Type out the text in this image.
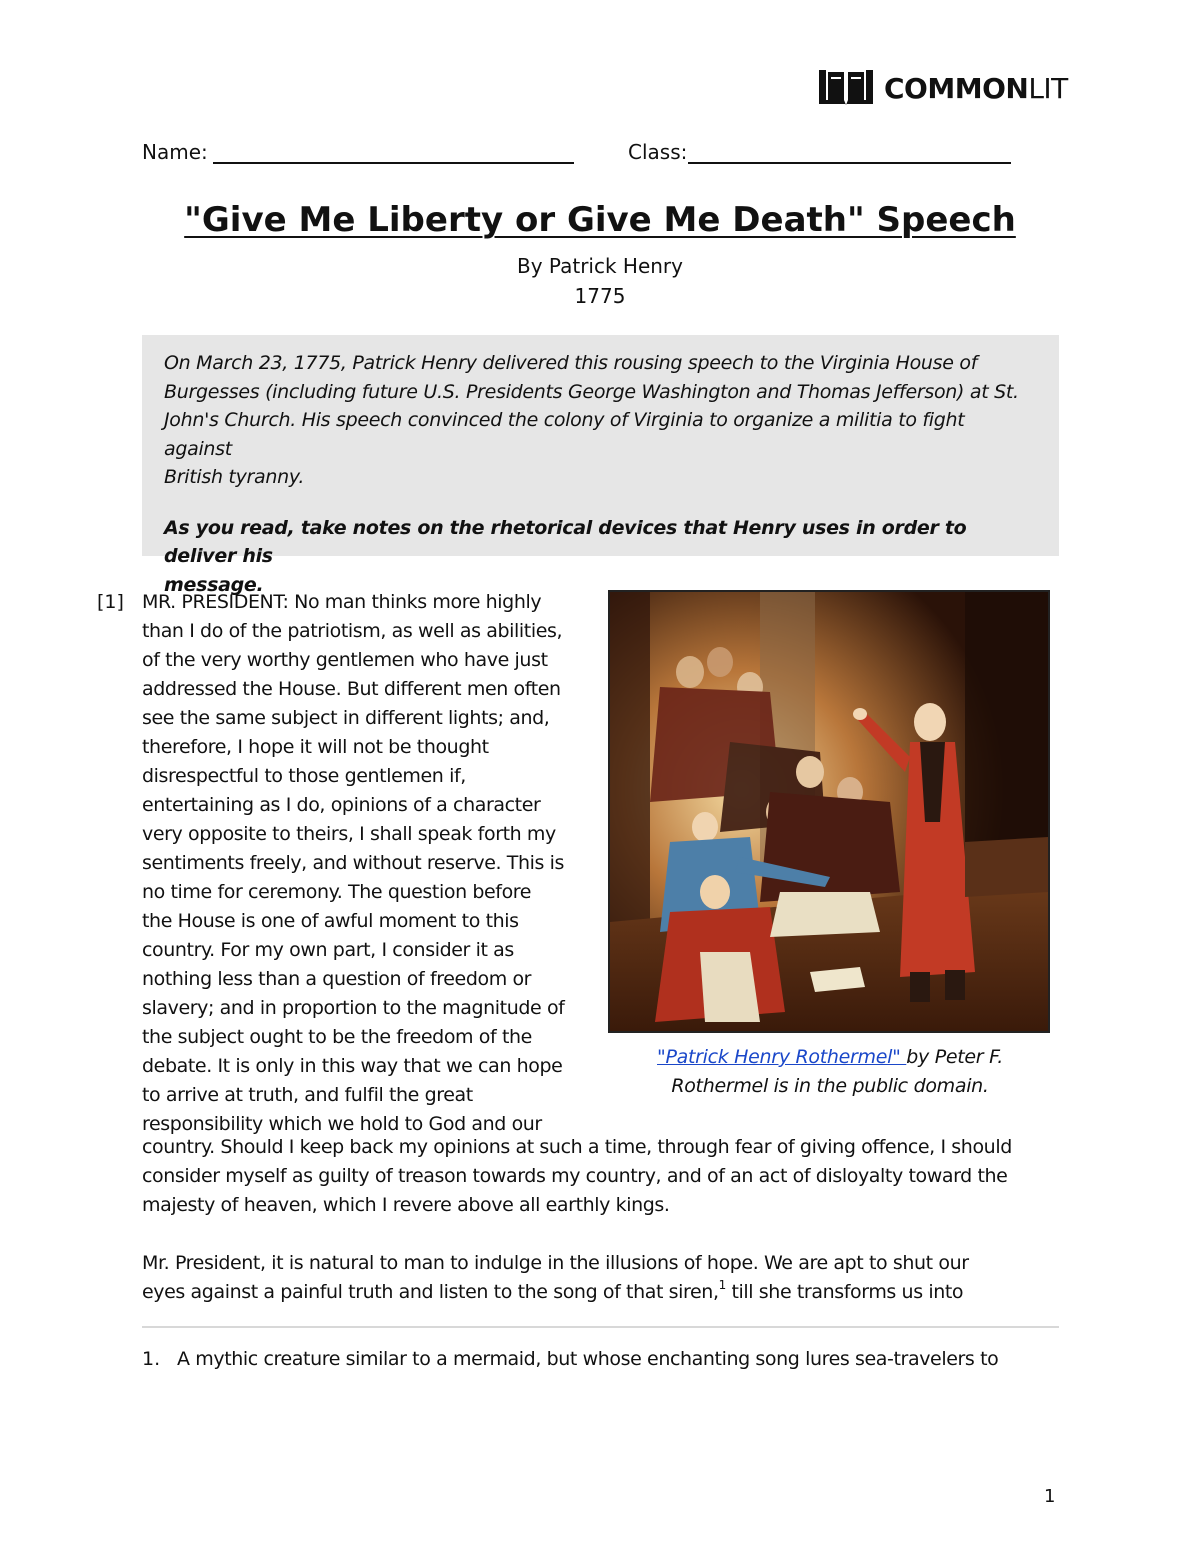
COMMONLIT
Name:	Class:
"Give Me Liberty or Give Me Death" Speech
By Patrick Henry
1775

On March 23, 1775, Patrick Henry delivered this rousing speech to the Virginia House of
Burgesses (including future U.S. Presidents George Washington and Thomas Jefferson) at St.
John's Church. His speech convinced the colony of Virginia to organize a militia to fight against
British tyranny.

As you read, take notes on the rhetorical devices that Henry uses in order to deliver his
message.

[1] MR. PRESIDENT: No man thinks more highly
than I do of the patriotism, as well as abilities,
of the very worthy gentlemen who have just
addressed the House. But different men often
see the same subject in different lights; and,
therefore, I hope it will not be thought
disrespectful to those gentlemen if,
entertaining as I do, opinions of a character
very opposite to theirs, I shall speak forth my
sentiments freely, and without reserve. This is
no time for ceremony. The question before
the House is one of awful moment to this
country. For my own part, I consider it as
nothing less than a question of freedom or
slavery; and in proportion to the magnitude of
the subject ought to be the freedom of the
debate. It is only in this way that we can hope
to arrive at truth, and fulfil the great
responsibility which we hold to God and our
country. Should I keep back my opinions at such a time, through fear of giving offence, I should
consider myself as guilty of treason towards my country, and of an act of disloyalty toward the
majesty of heaven, which I revere above all earthly kings.
Mr. President, it is natural to man to indulge in the illusions of hope. We are apt to shut our
eyes against a painful truth and listen to the song of that siren,$^1$ till she transforms us into
"Patrick Henry Rothermel" by Peter F.
Rothermel is in the public domain.
1. A mythic creature similar to a mermaid, but whose enchanting song lures sea-travelers to
1
